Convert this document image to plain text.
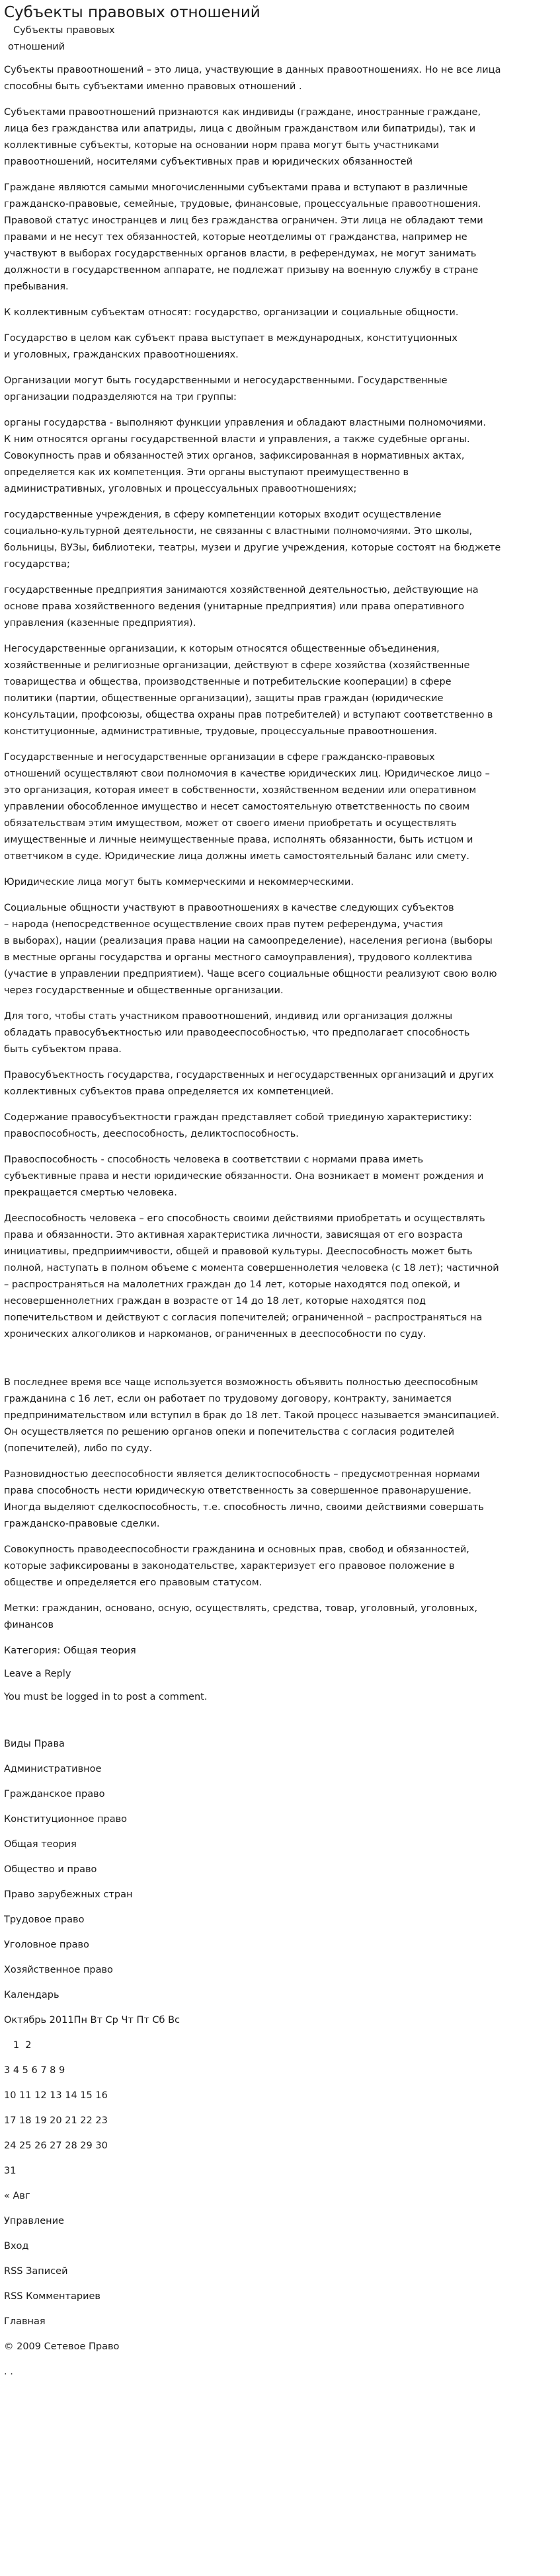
Субъекты правовых отношений

Субъекты правовых

отношений

Субъекты правоотношений – это лица, участвующие в данных правоотношениях. Но не все лица
способны быть субъектами именно правовых отношений .

Субъектами правоотношений признаются как индивиды (граждане, иностранные граждане,
лица без гражданства или апатриды, лица с двойным гражданством или бипатриды), так и
коллективные субъекты, которые на основании норм права могут быть участниками
правоотношений, носителями субъективных прав и юридических обязанностей

Граждане являются самыми многочисленными субъектами права и вступают в различные
гражданско-правовые, семейные, трудовые, финансовые, процессуальные правоотношения.
Правовой статус иностранцев и лиц без гражданства ограничен. Эти лица не обладают теми
правами и не несут тех обязанностей, которые неотделимы от гражданства, например не
участвуют в выборах государственных органов власти, в референдумах, не могут занимать
должности в государственном аппарате, не подлежат призыву на военную службу в стране
пребывания.

К коллективным субъектам относят: государство, организации и социальные общности.

Государство в целом как субъект права выступает в международных, конституционных
и уголовных, гражданских правоотношениях.

Организации могут быть государственными и негосударственными. Государственные
организации подразделяются на три группы:

органы государства - выполняют функции управления и обладают властными полномочиями.
К ним относятся органы государственной власти и управления, а также судебные органы.
Совокупность прав и обязанностей этих органов, зафиксированная в нормативных актах,
определяется как их компетенция. Эти органы выступают преимущественно в
административных, уголовных и процессуальных правоотношениях;

государственные учреждения, в сферу компетенции которых входит осуществление
социально-культурной деятельности, не связанны с властными полномочиями. Это школы,
больницы, ВУЗы, библиотеки, театры, музеи и другие учреждения, которые состоят на бюджете
государства;

государственные предприятия занимаются хозяйственной деятельностью, действующие на
основе права хозяйственного ведения (унитарные предприятия) или права оперативного
управления (казенные предприятия).

Негосударственные организации, к которым относятся общественные объединения,
хозяйственные и религиозные организации, действуют в сфере хозяйства (хозяйственные
товарищества и общества, производственные и потребительские кооперации) в сфере
политики (партии, общественные организации), защиты прав граждан (юридические
консультации, профсоюзы, общества охраны прав потребителей) и вступают соответственно в
конституционные, административные, трудовые, процессуальные правоотношения.

Государственные и негосударственные организации в сфере гражданско-правовых
отношений осуществляют свои полномочия в качестве юридических лиц. Юридическое лицо –
это организация, которая имеет в собственности, хозяйственном ведении или оперативном
управлении обособленное имущество и несет самостоятельную ответственность по своим
обязательствам этим имуществом, может от своего имени приобретать и осуществлять
имущественные и личные неимущественные права, исполнять обязанности, быть истцом и
ответчиком в суде. Юридические лица должны иметь самостоятельный баланс или смету.

Юридические лица могут быть коммерческими и некоммерческими.

Социальные общности участвуют в правоотношениях в качестве следующих субъектов
– народа (непосредственное осуществление своих прав путем референдума, участия
в выборах), нации (реализация права нации на самоопределение), населения региона (выборы
в местные органы государства и органы местного самоуправления), трудового коллектива
(участие в управлении предприятием). Чаще всего социальные общности реализуют свою волю
через государственные и общественные организации.

Для того, чтобы стать участником правоотношений, индивид или организация должны
обладать правосубъектностью или праводееспособностью, что предполагает способность
быть субъектом права.

Правосубъектность государства, государственных и негосударственных организаций и других
коллективных субъектов права определяется их компетенцией.

Содержание правосубъектности граждан представляет собой триединую характеристику:
правоспособность, дееспособность, деликтоспособность.

Правоспособность - способность человека в соответствии с нормами права иметь
субъективные права и нести юридические обязанности. Она возникает в момент рождения и
прекращается смертью человека.

Дееспособность человека – его способность своими действиями приобретать и осуществлять
права и обязанности. Это активная характеристика личности, зависящая от его возраста
инициативы, предприимчивости, общей и правовой культуры. Дееспособность может быть
полной, наступать в полном объеме с момента совершеннолетия человека (с 18 лет); частичной
– распространяться на малолетних граждан до 14 лет, которые находятся под опекой, и
несовершеннолетних граждан в возрасте от 14 до 18 лет, которые находятся под
попечительством и действуют с согласия попечителей; ограниченной – распространяться на
хронических алкоголиков и наркоманов, ограниченных в дееспособности по суду.

В последнее время все чаще используется возможность объявить полностью дееспособным
гражданина с 16 лет, если он работает по трудовому договору, контракту, занимается
предпринимательством или вступил в брак до 18 лет. Такой процесс называется эмансипацией.
Он осуществляется по решению органов опеки и попечительства с согласия родителей
(попечителей), либо по суду.

Разновидностью дееспособности является деликтоспособность – предусмотренная нормами
права способность нести юридическую ответственность за совершенное правонарушение.
Иногда выделяют сделкоспособность, т.е. способность лично, своими действиями совершать
гражданско-правовые сделки.

Совокупность праводееспособности гражданина и основных прав, свобод и обязанностей,
которые зафиксированы в законодательстве, характеризует его правовое положение в
обществе и определяется его правовым статусом.

Метки: гражданин, основано, осную, осуществлять, средства, товар, уголовный, уголовных,
финансов

Категория: Общая теория

Leave a Reply

You must be logged in to post a comment.

Виды Права

Административное

Гражданское право

Конституционное право

Общая теория

Общество и право

Право зарубежных стран

Трудовое право

Уголовное право

Хозяйственное право

Календарь

Октябрь 2011Пн Вт Ср Чт Пт Сб Вс

1  2

3 4 5 6 7 8 9

10 11 12 13 14 15 16

17 18 19 20 21 22 23

24 25 26 27 28 29 30

31

« Авг

Управление

Вход

RSS Записей

RSS Комментариев

Главная

© 2009 Сетевое Право

. .
